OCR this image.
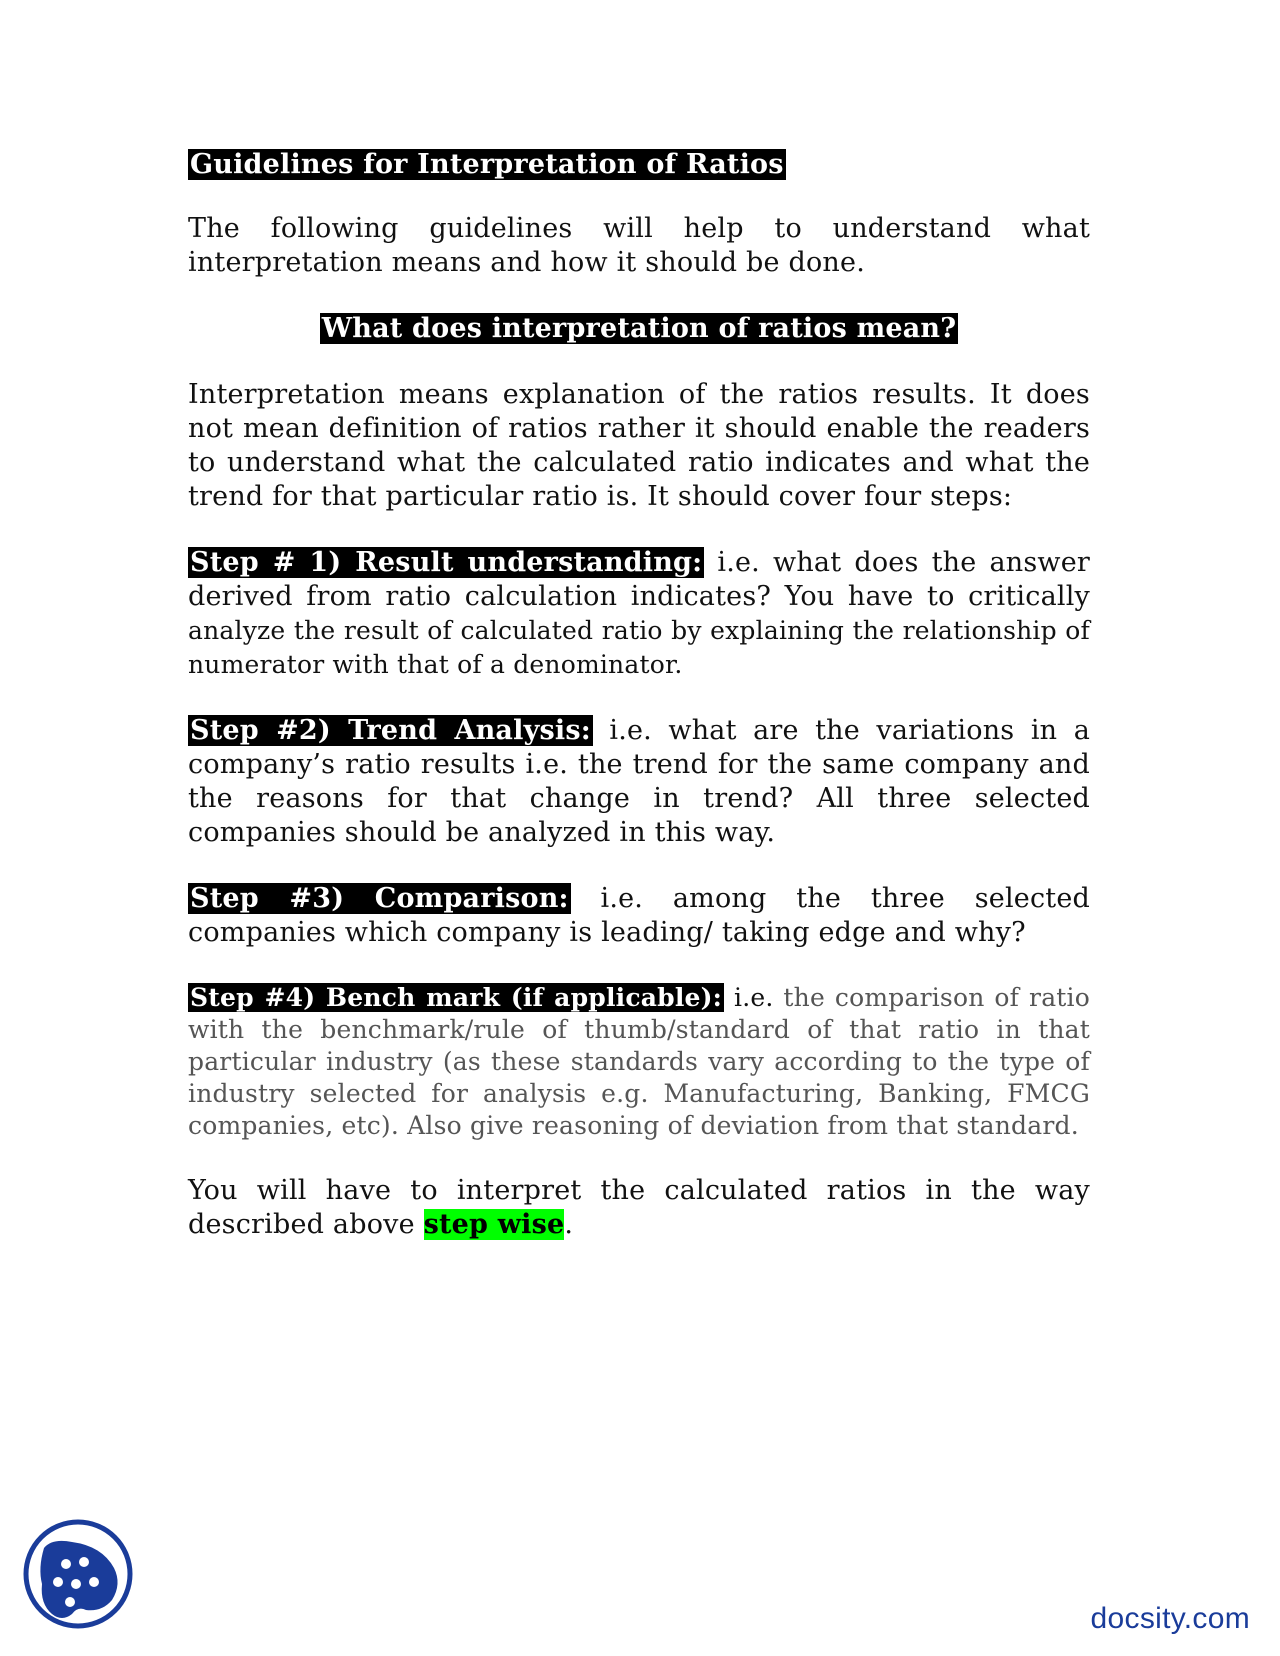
Guidelines for Interpretation of Ratios

The following guidelines will help to understand what interpretation means and how it should be done.

What does interpretation of ratios mean?

Interpretation means explanation of the ratios results. It does not mean definition of ratios rather it should enable the readers to understand what the calculated ratio indicates and what the trend for that particular ratio is. It should cover four steps:

Step # 1) Result understanding: i.e. what does the answer derived from ratio calculation indicates? You have to critically analyze the result of calculated ratio by explaining the relationship of numerator with that of a denominator.

Step #2) Trend Analysis: i.e. what are the variations in a company’s ratio results i.e. the trend for the same company and the reasons for that change in trend? All three selected companies should be analyzed in this way.

Step #3) Comparison: i.e. among the three selected companies which company is leading/ taking edge and why?

Step #4) Bench mark (if applicable): i.e. the comparison of ratio with the benchmark/rule of thumb/standard of that ratio in that particular industry (as these standards vary according to the type of industry selected for analysis e.g. Manufacturing, Banking, FMCG companies, etc). Also give reasoning of deviation from that standard.

You will have to interpret the calculated ratios in the way described above step wise.

docsity.com
